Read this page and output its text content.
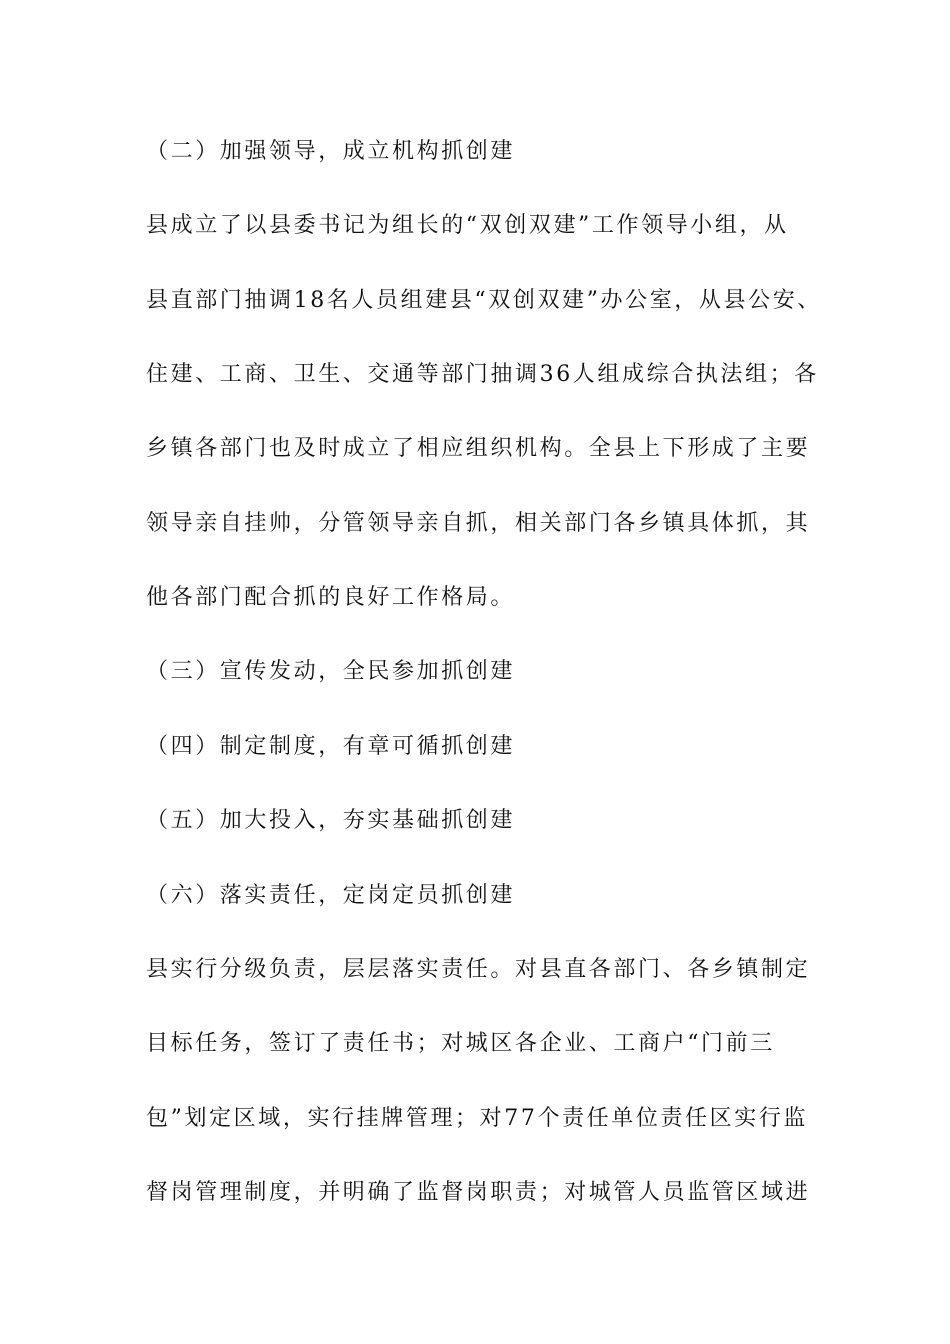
（二）加强领导，成立机构抓创建
县成立了以县委书记为组长的“双创双建”工作领导小组，从
县直部门抽调18名人员组建县“双创双建”办公室，从县公安、
住建、工商、卫生、交通等部门抽调36人组成综合执法组；各
乡镇各部门也及时成立了相应组织机构。全县上下形成了主要
领导亲自挂帅，分管领导亲自抓，相关部门各乡镇具体抓，其
他各部门配合抓的良好工作格局。
（三）宣传发动，全民参加抓创建
（四）制定制度，有章可循抓创建
（五）加大投入，夯实基础抓创建
（六）落实责任，定岗定员抓创建
县实行分级负责，层层落实责任。对县直各部门、各乡镇制定
目标任务，签订了责任书；对城区各企业、工商户“门前三
包”划定区域，实行挂牌管理；对77个责任单位责任区实行监
督岗管理制度，并明确了监督岗职责；对城管人员监管区域进
